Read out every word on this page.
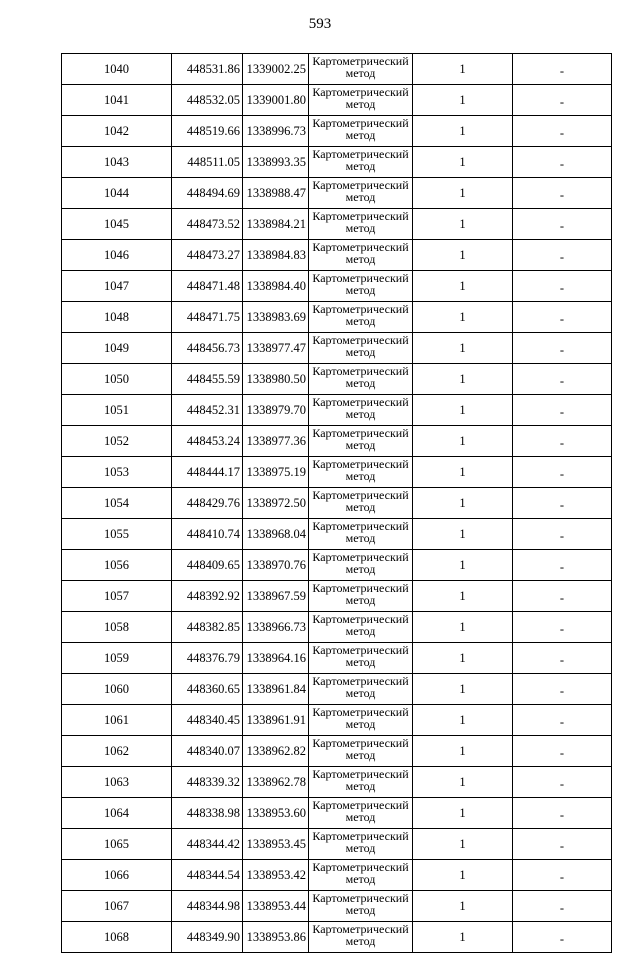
593
1040	448531.86	1339002.25	Картометрический метод	1	-
1041	448532.05	1339001.80	Картометрический метод	1	-
1042	448519.66	1338996.73	Картометрический метод	1	-
1043	448511.05	1338993.35	Картометрический метод	1	-
1044	448494.69	1338988.47	Картометрический метод	1	-
1045	448473.52	1338984.21	Картометрический метод	1	-
1046	448473.27	1338984.83	Картометрический метод	1	-
1047	448471.48	1338984.40	Картометрический метод	1	-
1048	448471.75	1338983.69	Картометрический метод	1	-
1049	448456.73	1338977.47	Картометрический метод	1	-
1050	448455.59	1338980.50	Картометрический метод	1	-
1051	448452.31	1338979.70	Картометрический метод	1	-
1052	448453.24	1338977.36	Картометрический метод	1	-
1053	448444.17	1338975.19	Картометрический метод	1	-
1054	448429.76	1338972.50	Картометрический метод	1	-
1055	448410.74	1338968.04	Картометрический метод	1	-
1056	448409.65	1338970.76	Картометрический метод	1	-
1057	448392.92	1338967.59	Картометрический метод	1	-
1058	448382.85	1338966.73	Картометрический метод	1	-
1059	448376.79	1338964.16	Картометрический метод	1	-
1060	448360.65	1338961.84	Картометрический метод	1	-
1061	448340.45	1338961.91	Картометрический метод	1	-
1062	448340.07	1338962.82	Картометрический метод	1	-
1063	448339.32	1338962.78	Картометрический метод	1	-
1064	448338.98	1338953.60	Картометрический метод	1	-
1065	448344.42	1338953.45	Картометрический метод	1	-
1066	448344.54	1338953.42	Картометрический метод	1	-
1067	448344.98	1338953.44	Картометрический метод	1	-
1068	448349.90	1338953.86	Картометрический метод	1	-
